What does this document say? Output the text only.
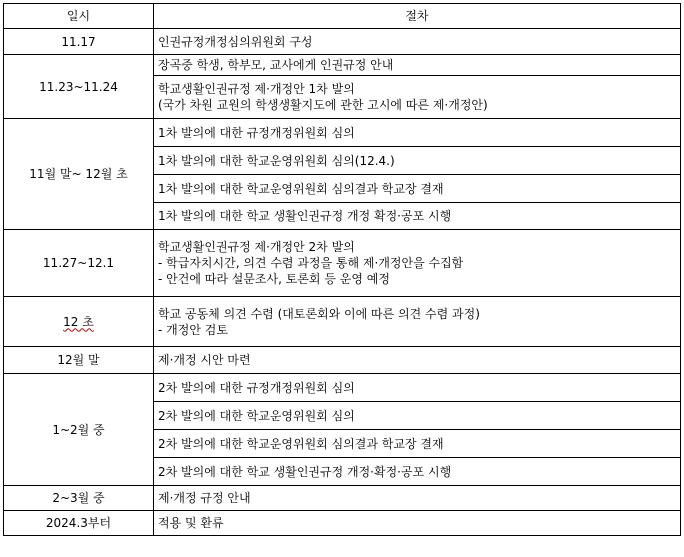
일시	절차
11.17	인권규정개정심의위원회 구성

11.23~11.24	장곡중 학생, 학부모, 교사에게 인권규정 안내

	학교생활인권규정 제·개정안 1차 발의
(국가 차원 교원의 학생생활지도에 관한 고시에 따른 제·개정안)

11월 말~ 12월 초	1차 발의에 대한 규정개정위원회 심의

	1차 발의에 대한 학교운영위원회 심의(12.4.)

	1차 발의에 대한 학교운영위원회 심의결과 학교장 결재

	1차 발의에 대한 학교 생활인권규정 개정 확정·공포 시행

11.27~12.1	학교생활인권규정 제·개정안 2차 발의
- 학급자치시간, 의견 수렴 과정을 통해 제·개정안을 수집함
- 안건에 따라 설문조사, 토론회 등 운영 예정

12 초	학교 공동체 의견 수렴 (대토론회와 이에 따른 의견 수렴 과정)
- 개정안 검토

12월 말	제·개정 시안 마련

1~2월 중	2차 발의에 대한 규정개정위원회 심의

	2차 발의에 대한 학교운영위원회 심의

	2차 발의에 대한 학교운영위원회 심의결과 학교장 결재

	2차 발의에 대한 학교 생활인권규정 개정·확정·공포 시행

2~3월 중	제·개정 규정 안내

2024.3부터	적용 및 환류
